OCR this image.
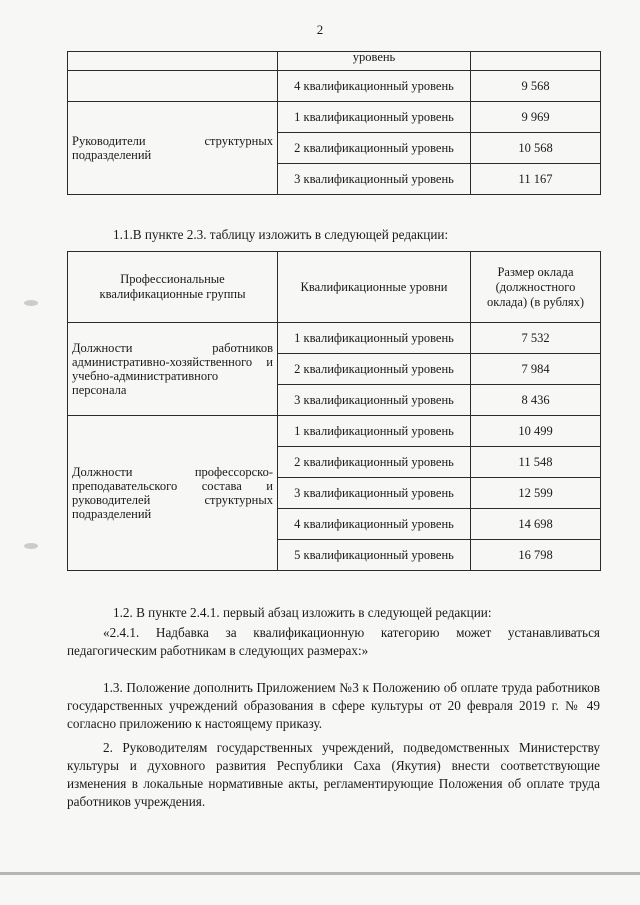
2
	уровень	
	4 квалификационный уровень	9 568
Руководители структурных подразделений	1 квалификационный уровень	9 969
	2 квалификационный уровень	10 568
	3 квалификационный уровень	11 167

1.1.В пункте 2.3. таблицу изложить в следующей редакции:

Профессиональные квалификационные группы	Квалификационные уровни	Размер оклада (должностного оклада) (в рублях)
Должности работников административно-хозяйственного и учебно-административного персонала	1 квалификационный уровень	7 532
	2 квалификационный уровень	7 984
	3 квалификационный уровень	8 436
Должности профессорско-преподавательского состава и руководителей структурных подразделений	1 квалификационный уровень	10 499
	2 квалификационный уровень	11 548
	3 квалификационный уровень	12 599
	4 квалификационный уровень	14 698
	5 квалификационный уровень	16 798

1.2. В пункте 2.4.1. первый абзац изложить в следующей редакции:

«2.4.1. Надбавка за квалификационную категорию может устанавливаться педагогическим работникам в следующих размерах:»

1.3. Положение дополнить Приложением №3 к Положению об оплате труда работников государственных учреждений образования в сфере культуры от 20 февраля 2019 г. № 49 согласно приложению к настоящему приказу.

2. Руководителям государственных учреждений, подведомственных Министерству культуры и духовного развития Республики Саха (Якутия) внести соответствующие изменения в локальные нормативные акты, регламентирующие Положения об оплате труда работников учреждения.
